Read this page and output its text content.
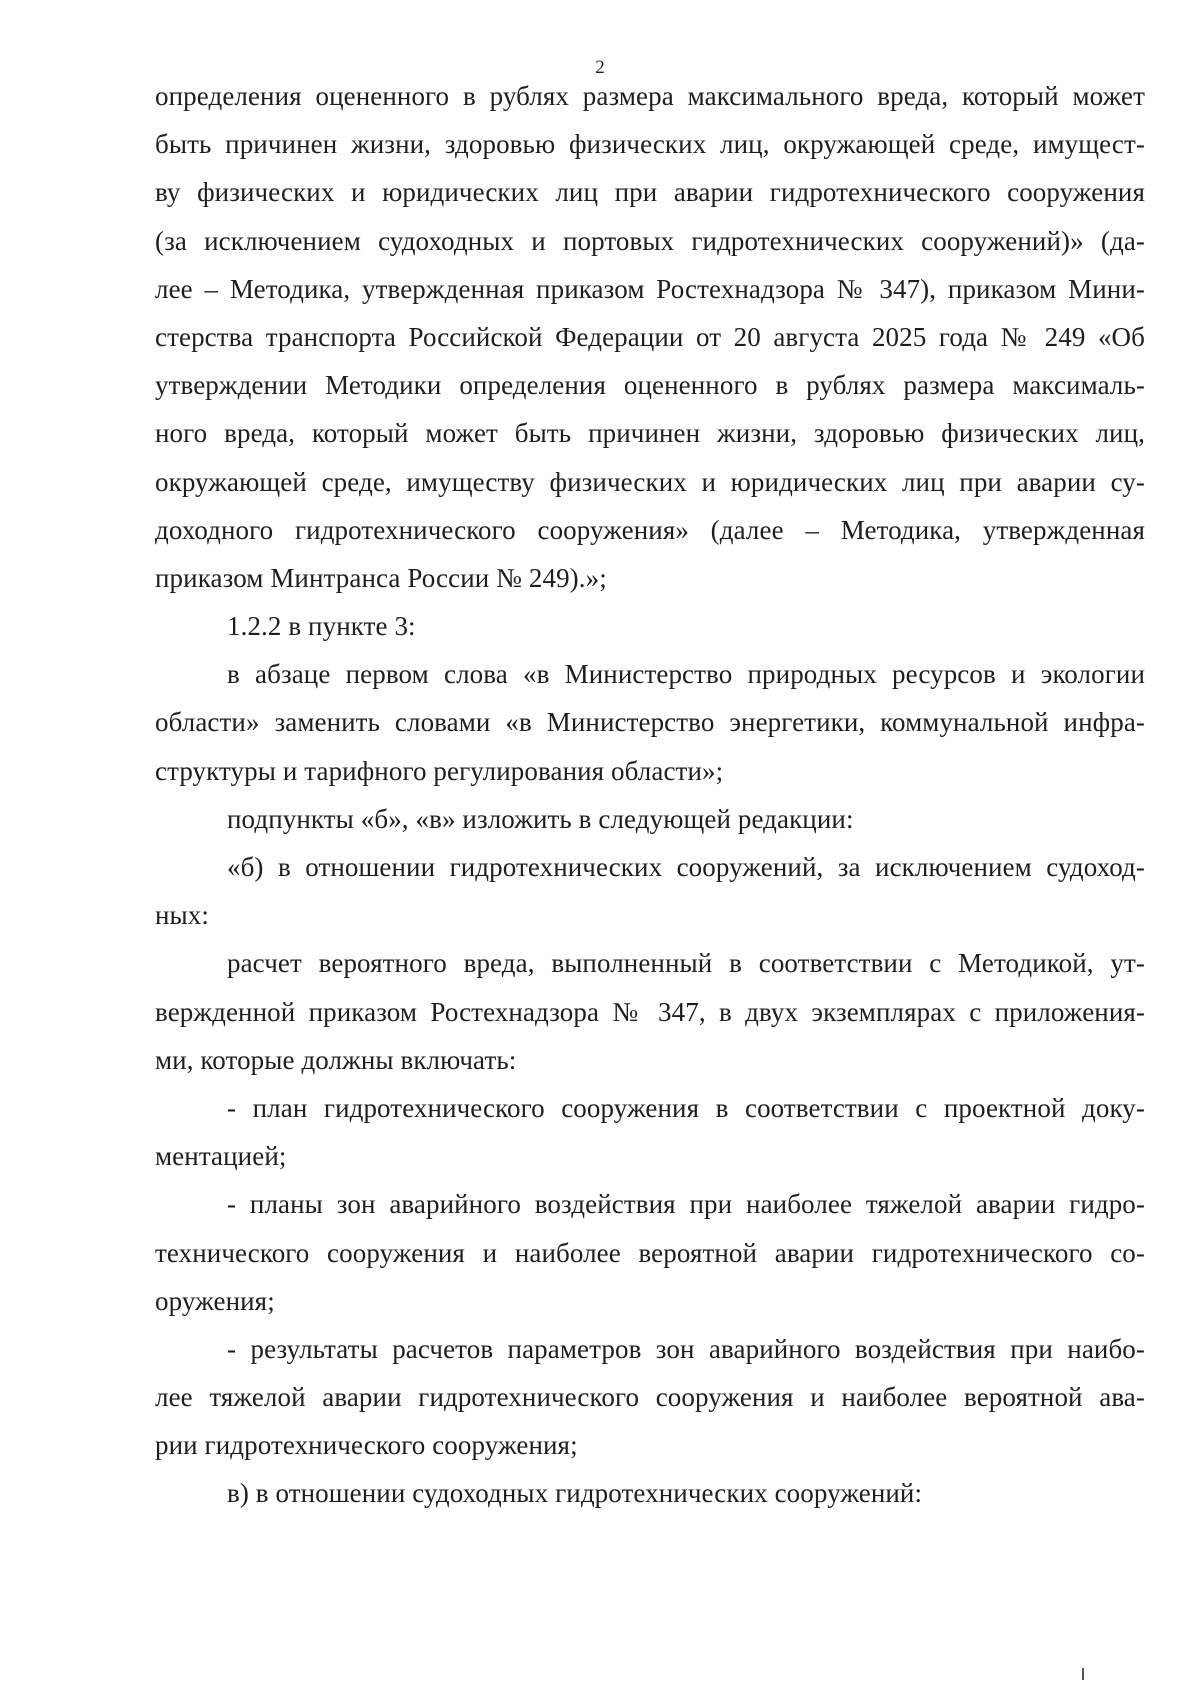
2
определения оцененного в рублях размера максимального вреда, который может
быть причинен жизни, здоровью физических лиц, окружающей среде, имущест-
ву физических и юридических лиц при аварии гидротехнического сооружения
(за исключением судоходных и портовых гидротехнических сооружений)» (да-
лее – Методика, утвержденная приказом Ростехнадзора № 347), приказом Мини-
стерства транспорта Российской Федерации от 20 августа 2025 года № 249 «Об
утверждении Методики определения оцененного в рублях размера максималь-
ного вреда, который может быть причинен жизни, здоровью физических лиц,
окружающей среде, имуществу физических и юридических лиц при аварии су-
доходного гидротехнического сооружения» (далее – Методика, утвержденная
приказом Минтранса России № 249).»;
1.2.2 в пункте 3:
в абзаце первом слова «в Министерство природных ресурсов и экологии
области» заменить словами «в Министерство энергетики, коммунальной инфра-
структуры и тарифного регулирования области»;
подпункты «б», «в» изложить в следующей редакции:
«б) в отношении гидротехнических сооружений, за исключением судоход-
ных:
расчет вероятного вреда, выполненный в соответствии с Методикой, ут-
вержденной приказом Ростехнадзора № 347, в двух экземплярах с приложения-
ми, которые должны включать:
- план гидротехнического сооружения в соответствии с проектной доку-
ментацией;
- планы зон аварийного воздействия при наиболее тяжелой аварии гидро-
технического сооружения и наиболее вероятной аварии гидротехнического со-
оружения;
- результаты расчетов параметров зон аварийного воздействия при наибо-
лее тяжелой аварии гидротехнического сооружения и наиболее вероятной ава-
рии гидротехнического сооружения;
в) в отношении судоходных гидротехнических сооружений:
